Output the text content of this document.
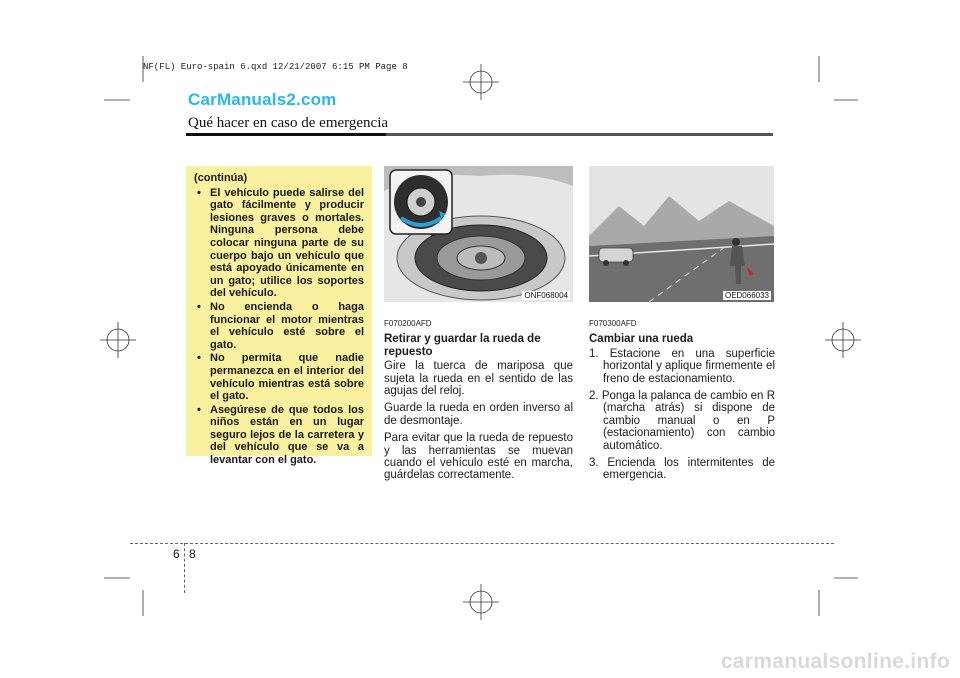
NF(FL) Euro-spain 6.qxd 12/21/2007 6:15 PM Page 8
CarManuals2.com
Qué hacer en caso de emergencia
(continúa)
• El vehículo puede salirse del gato fácilmente y producir lesiones graves o mortales. Ninguna persona debe colocar ninguna parte de su cuerpo bajo un vehículo que está apoyado únicamente en un gato; utilice los soportes del vehículo.
• No encienda o haga funcionar el motor mientras el vehículo esté sobre el gato.
• No permita que nadie permanezca en el interior del vehículo mientras está sobre el gato.
• Asegúrese de que todos los niños están en un lugar seguro lejos de la carretera y del vehículo que se va a levantar con el gato.
ONF068004	OED066033
F070200AFD
Retirar y guardar la rueda de repuesto
Gire la tuerca de mariposa que sujeta la rueda en el sentido de las agujas del reloj.
Guarde la rueda en orden inverso al de desmontaje.
Para evitar que la rueda de repuesto y las herramientas se muevan cuando el vehículo esté en marcha, guárdelas correctamente.
F070300AFD
Cambiar una rueda
1. Estacione en una superficie horizontal y aplique firmemente el freno de estacionamiento.
2. Ponga la palanca de cambio en R (marcha atrás) si dispone de cambio manual o en P (estacionamiento) con cambio automático.
3. Encienda los intermitentes de emergencia.
6 8
carmanualsonline.info
